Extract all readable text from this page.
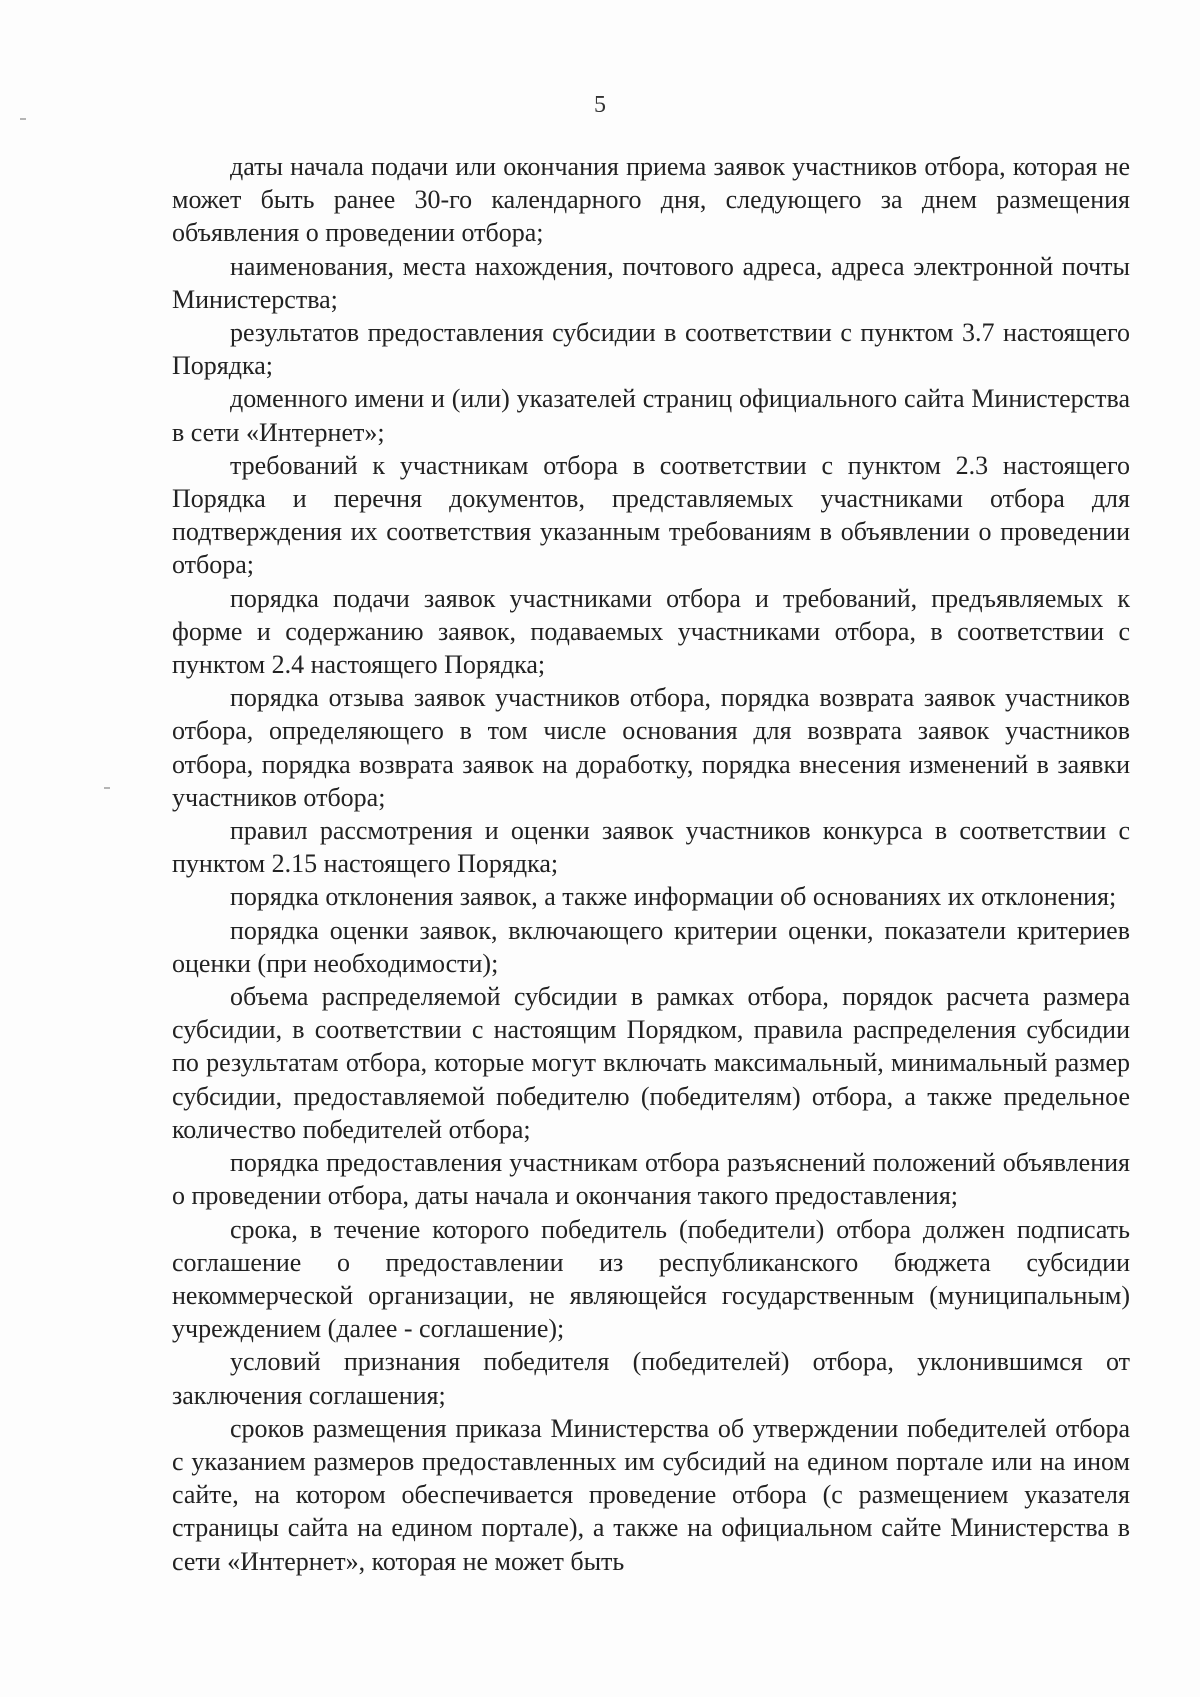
5

даты начала подачи или окончания приема заявок участников отбора, которая не может быть ранее 30-го календарного дня, следующего за днем размещения объявления о проведении отбора;

наименования, места нахождения, почтового адреса, адреса электронной почты Министерства;

результатов предоставления субсидии в соответствии с пунктом 3.7 настоящего Порядка;

доменного имени и (или) указателей страниц официального сайта Министерства в сети «Интернет»;

требований к участникам отбора в соответствии с пунктом 2.3 настоящего Порядка и перечня документов, представляемых участниками отбора для подтверждения их соответствия указанным требованиям в объявлении о проведении отбора;

порядка подачи заявок участниками отбора и требований, предъявляемых к форме и содержанию заявок, подаваемых участниками отбора, в соответствии с пунктом 2.4 настоящего Порядка;

порядка отзыва заявок участников отбора, порядка возврата заявок участников отбора, определяющего в том числе основания для возврата заявок участников отбора, порядка возврата заявок на доработку, порядка внесения изменений в заявки участников отбора;

правил рассмотрения и оценки заявок участников конкурса в соответствии с пунктом 2.15 настоящего Порядка;

порядка отклонения заявок, а также информации об основаниях их отклонения;

порядка оценки заявок, включающего критерии оценки, показатели критериев оценки (при необходимости);

объема распределяемой субсидии в рамках отбора, порядок расчета размера субсидии, в соответствии с настоящим Порядком, правила распределения субсидии по результатам отбора, которые могут включать максимальный, минимальный размер субсидии, предоставляемой победителю (победителям) отбора, а также предельное количество победителей отбора;

порядка предоставления участникам отбора разъяснений положений объявления о проведении отбора, даты начала и окончания такого предоставления;

срока, в течение которого победитель (победители) отбора должен подписать соглашение о предоставлении из республиканского бюджета субсидии некоммерческой организации, не являющейся государственным (муниципальным) учреждением (далее - соглашение);

условий признания победителя (победителей) отбора, уклонившимся от заключения соглашения;

сроков размещения приказа Министерства об утверждении победителей отбора с указанием размеров предоставленных им субсидий на едином портале или на ином сайте, на котором обеспечивается проведение отбора (с размещением указателя страницы сайта на едином портале), а также на официальном сайте Министерства в сети «Интернет», которая не может быть
